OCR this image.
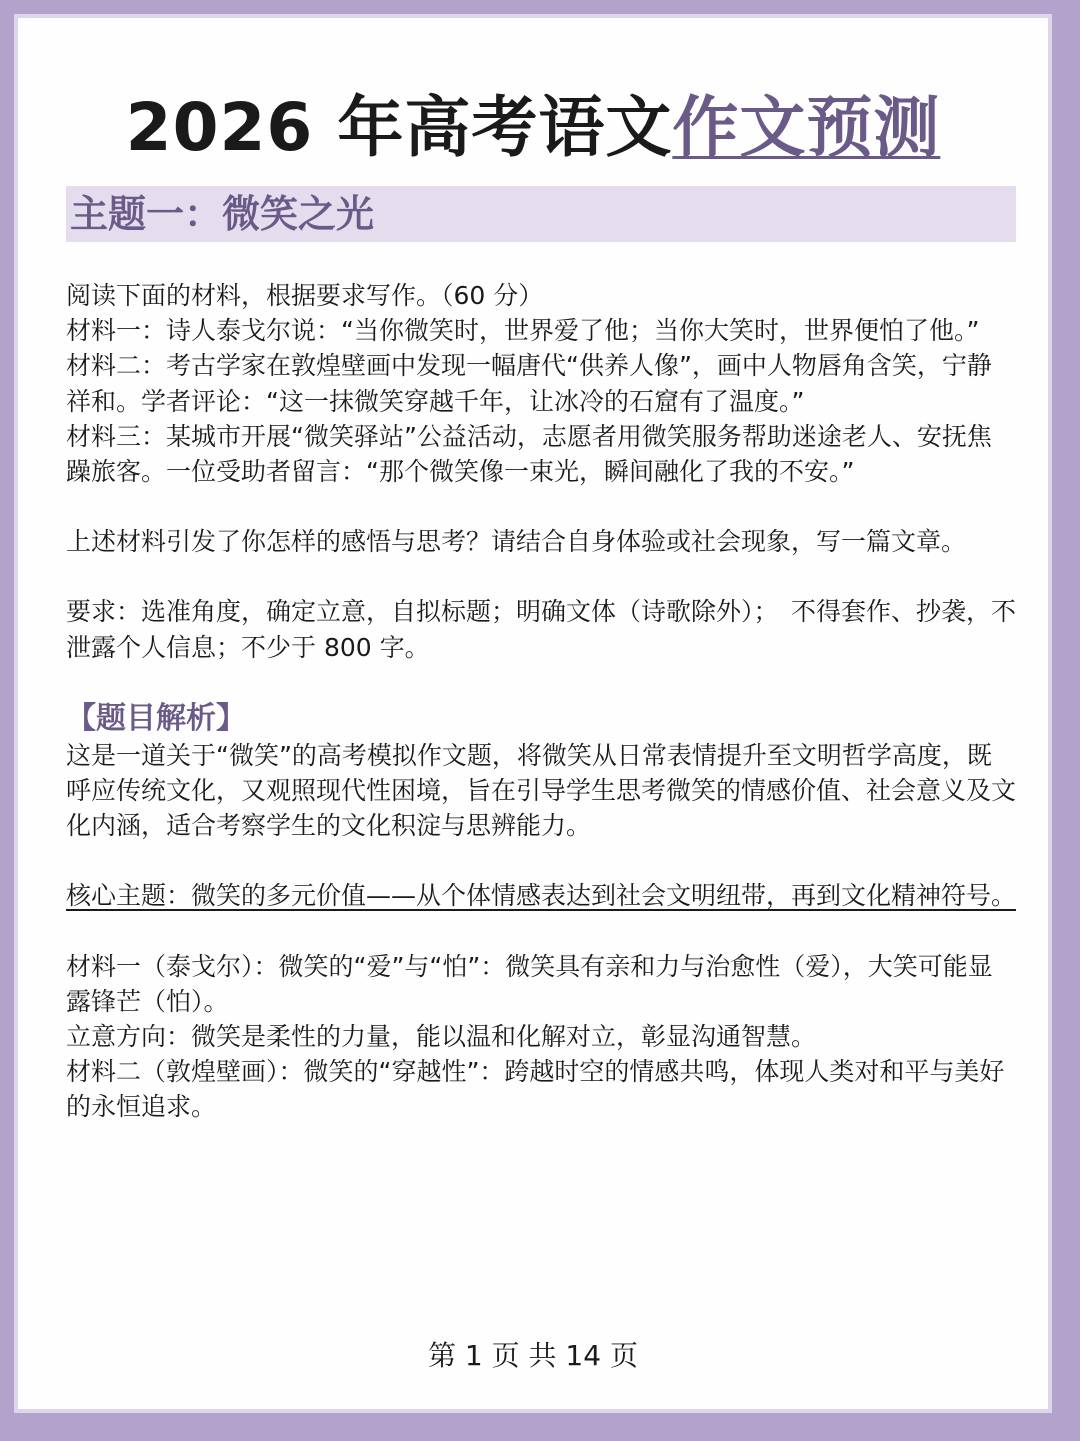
2026 年高考语文作文预测
主题一：微笑之光

阅读下面的材料，根据要求写作。（60 分）

材料一：诗人泰戈尔说：“当你微笑时，世界爱了他；当你大笑时，世界便怕了他。”

材料二：考古学家在敦煌壁画中发现一幅唐代“供养人像”，画中人物唇角含笑，宁静祥和。学者评论：“这一抹微笑穿越千年，让冰冷的石窟有了温度。”

材料三：某城市开展“微笑驿站”公益活动，志愿者用微笑服务帮助迷途老人、安抚焦躁旅客。一位受助者留言：“那个微笑像一束光，瞬间融化了我的不安。”

上述材料引发了你怎样的感悟与思考？请结合自身体验或社会现象，写一篇文章。

要求：选准角度，确定立意，自拟标题；明确文体（诗歌除外）；　不得套作、抄袭，不泄露个人信息；不少于 800 字。

【题目解析】

这是一道关于“微笑”的高考模拟作文题，将微笑从日常表情提升至文明哲学高度，既呼应传统文化，又观照现代性困境，旨在引导学生思考微笑的情感价值、社会意义及文化内涵，适合考察学生的文化积淀与思辨能力。

核心主题：微笑的多元价值——从个体情感表达到社会文明纽带，再到文化精神符号。

材料一（泰戈尔）：微笑的“爱”与“怕”：微笑具有亲和力与治愈性（爱），大笑可能显露锋芒（怕）。

立意方向：微笑是柔性的力量，能以温和化解对立，彰显沟通智慧。

材料二（敦煌壁画）：微笑的“穿越性”：跨越时空的情感共鸣，体现人类对和平与美好的永恒追求。

第 1 页 共 14 页
